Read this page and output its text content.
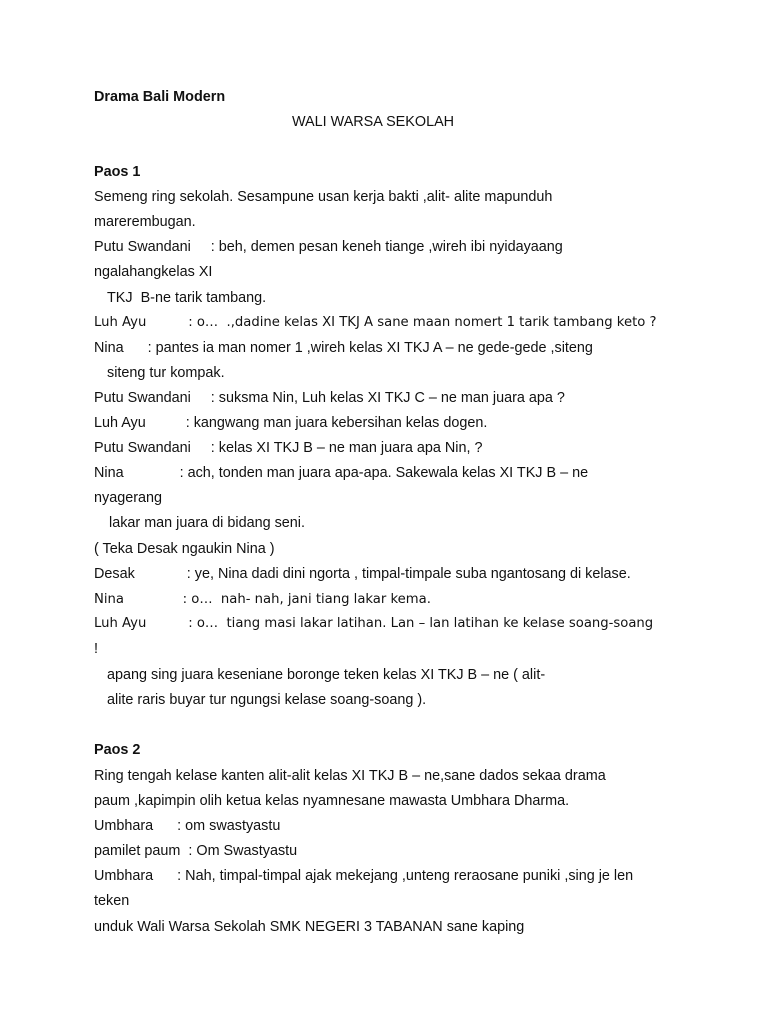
Drama Bali Modern

WALI WARSA SEKOLAH

Paos 1

Semeng ring sekolah. Sesampune usan kerja bakti ,alit- alite mapunduh

marerembugan.

Putu Swandani     : beh, demen pesan keneh tiange ,wireh ibi nyidayaang

ngalahangkelas XI

TKJ  B-ne tarik tambang.

Luh Ayu          : o…  .,dadine kelas XI TKJ A sane maan nomert 1 tarik tambang keto ?

Nina      : pantes ia man nomer 1 ,wireh kelas XI TKJ A – ne gede-gede ,siteng

siteng tur kompak.

Putu Swandani     : suksma Nin, Luh kelas XI TKJ C – ne man juara apa ?

Luh Ayu          : kangwang man juara kebersihan kelas dogen.

Putu Swandani     : kelas XI TKJ B – ne man juara apa Nin, ?

Nina              : ach, tonden man juara apa-apa. Sakewala kelas XI TKJ B – ne

nyagerang

lakar man juara di bidang seni.

( Teka Desak ngaukin Nina )

Desak             : ye, Nina dadi dini ngorta , timpal-timpale suba ngantosang di kelase.

Nina              : o…  nah- nah, jani tiang lakar kema.

Luh Ayu          : o…  tiang masi lakar latihan. Lan – lan latihan ke kelase soang-soang

!

apang sing juara keseniane boronge teken kelas XI TKJ B – ne ( alit-

alite raris buyar tur ngungsi kelase soang-soang ).

Paos 2

Ring tengah kelase kanten alit-alit kelas XI TKJ B – ne,sane dados sekaa drama

paum ,kapimpin olih ketua kelas nyamnesane mawasta Umbhara Dharma.

Umbhara      : om swastyastu

pamilet paum  : Om Swastyastu

Umbhara      : Nah, timpal-timpal ajak mekejang ,unteng reraosane puniki ,sing je len

teken

unduk Wali Warsa Sekolah SMK NEGERI 3 TABANAN sane kaping
